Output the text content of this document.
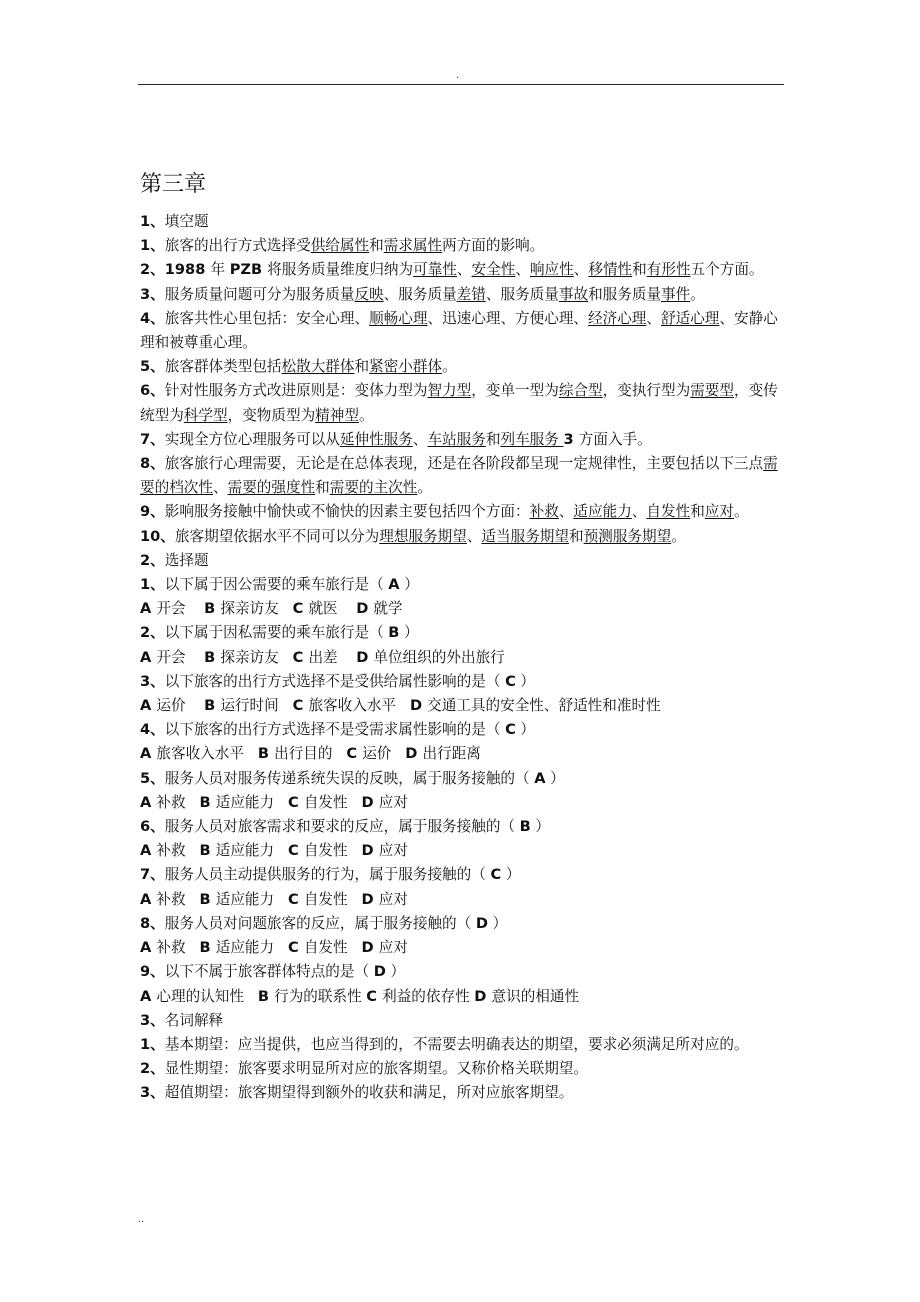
.
第三章
1、填空题
1、旅客的出行方式选择受供给属性和需求属性两方面的影响。
2、1988 年 PZB 将服务质量维度归纳为可靠性、安全性、响应性、移情性和有形性五个方面。
3、服务质量问题可分为服务质量反映、服务质量差错、服务质量事故和服务质量事件。
4、旅客共性心里包括：安全心理、顺畅心理、迅速心理、方便心理、经济心理、舒适心理、安静心理和被尊重心理。
5、旅客群体类型包括松散大群体和紧密小群体。
6、针对性服务方式改进原则是：变体力型为智力型，变单一型为综合型，变执行型为需要型，变传统型为科学型，变物质型为精神型。
7、实现全方位心理服务可以从延伸性服务、车站服务和列车服务 3 方面入手。
8、旅客旅行心理需要，无论是在总体表现，还是在各阶段都呈现一定规律性，主要包括以下三点需要的档次性、需要的强度性和需要的主次性。
9、影响服务接触中愉快或不愉快的因素主要包括四个方面：补救、适应能力、自发性和应对。
10、旅客期望依据水平不同可以分为理想服务期望、适当服务期望和预测服务期望。
2、选择题
1、以下属于因公需要的乘车旅行是（ A ）
A 开会    B 探亲访友   C 就医    D 就学
2、以下属于因私需要的乘车旅行是（ B ）
A 开会    B 探亲访友   C 出差    D 单位组织的外出旅行
3、以下旅客的出行方式选择不是受供给属性影响的是（ C ）
A 运价    B 运行时间   C 旅客收入水平   D 交通工具的安全性、舒适性和准时性
4、以下旅客的出行方式选择不是受需求属性影响的是（ C ）
A 旅客收入水平   B 出行目的   C 运价   D 出行距离
5、服务人员对服务传递系统失误的反映，属于服务接触的（ A ）
A 补救   B 适应能力   C 自发性   D 应对
6、服务人员对旅客需求和要求的反应，属于服务接触的（ B ）
A 补救   B 适应能力   C 自发性   D 应对
7、服务人员主动提供服务的行为，属于服务接触的（ C ）
A 补救   B 适应能力   C 自发性   D 应对
8、服务人员对问题旅客的反应，属于服务接触的（ D ）
A 补救   B 适应能力   C 自发性   D 应对
9、以下不属于旅客群体特点的是（ D ）
A 心理的认知性   B 行为的联系性 C 利益的依存性 D 意识的相通性
3、名词解释
1、基本期望：应当提供，也应当得到的，不需要去明确表达的期望，要求必须满足所对应的。
2、显性期望：旅客要求明显所对应的旅客期望。又称价格关联期望。
3、超值期望：旅客期望得到额外的收获和满足，所对应旅客期望。
..
